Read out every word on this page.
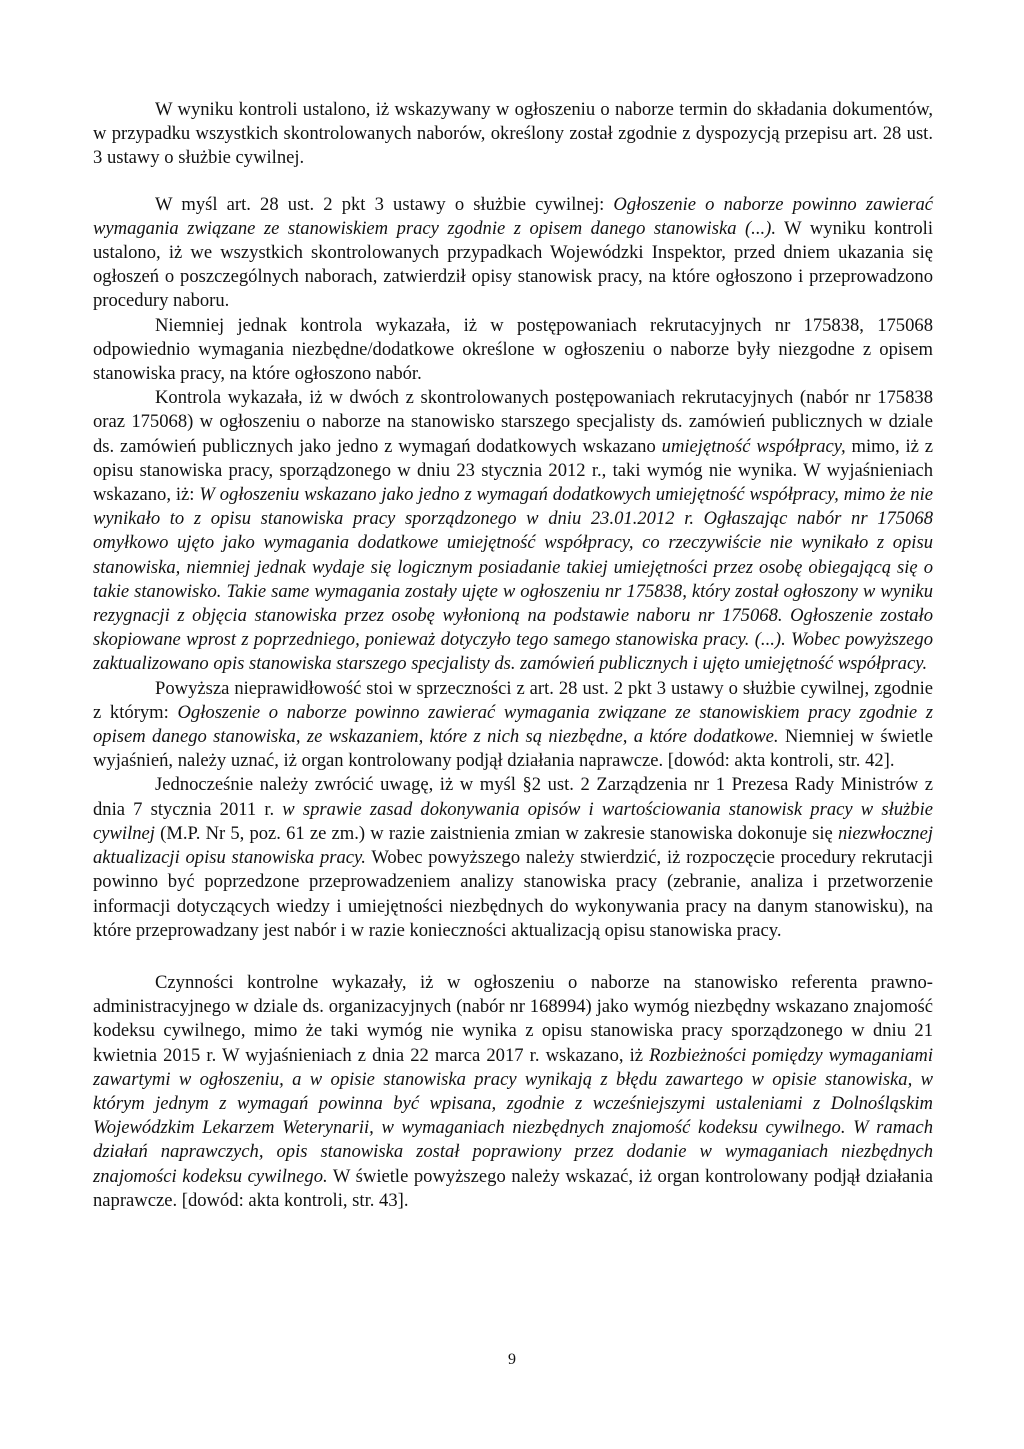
W wyniku kontroli ustalono, iż wskazywany w ogłoszeniu o naborze termin do składania dokumentów, w przypadku wszystkich skontrolowanych naborów, określony został zgodnie z dyspozycją przepisu art. 28 ust. 3 ustawy o służbie cywilnej.

W myśl art. 28 ust. 2 pkt 3 ustawy o służbie cywilnej: Ogłoszenie o naborze powinno zawierać wymagania związane ze stanowiskiem pracy zgodnie z opisem danego stanowiska (...). W wyniku kontroli ustalono, iż we wszystkich skontrolowanych przypadkach Wojewódzki Inspektor, przed dniem ukazania się ogłoszeń o poszczególnych naborach, zatwierdził opisy stanowisk pracy, na które ogłoszono i przeprowadzono procedury naboru.

Niemniej jednak kontrola wykazała, iż w postępowaniach rekrutacyjnych nr 175838, 175068 odpowiednio wymagania niezbędne/dodatkowe określone w ogłoszeniu o naborze były niezgodne z opisem stanowiska pracy, na które ogłoszono nabór.

Kontrola wykazała, iż w dwóch z skontrolowanych postępowaniach rekrutacyjnych (nabór nr 175838 oraz 175068) w ogłoszeniu o naborze na stanowisko starszego specjalisty ds. zamówień publicznych w dziale ds. zamówień publicznych jako jedno z wymagań dodatkowych wskazano umiejętność współpracy, mimo, iż z opisu stanowiska pracy, sporządzonego w dniu 23 stycznia 2012 r., taki wymóg nie wynika. W wyjaśnieniach wskazano, iż: W ogłoszeniu wskazano jako jedno z wymagań dodatkowych umiejętność współpracy, mimo że nie wynikało to z opisu stanowiska pracy sporządzonego w dniu 23.01.2012 r. Ogłaszając nabór nr 175068 omyłkowo ujęto jako wymagania dodatkowe umiejętność współpracy, co rzeczywiście nie wynikało z opisu stanowiska, niemniej jednak wydaje się logicznym posiadanie takiej umiejętności przez osobę obiegającą się o takie stanowisko. Takie same wymagania zostały ujęte w ogłoszeniu nr 175838, który został ogłoszony w wyniku rezygnacji z objęcia stanowiska przez osobę wyłonioną na podstawie naboru nr 175068. Ogłoszenie zostało skopiowane wprost z poprzedniego, ponieważ dotyczyło tego samego stanowiska pracy. (...). Wobec powyższego zaktualizowano opis stanowiska starszego specjalisty ds. zamówień publicznych i ujęto umiejętność współpracy.

Powyższa nieprawidłowość stoi w sprzeczności z art. 28 ust. 2 pkt 3 ustawy o służbie cywilnej, zgodnie z którym: Ogłoszenie o naborze powinno zawierać wymagania związane ze stanowiskiem pracy zgodnie z opisem danego stanowiska, ze wskazaniem, które z nich są niezbędne, a które dodatkowe. Niemniej w świetle wyjaśnień, należy uznać, iż organ kontrolowany podjął działania naprawcze. [dowód: akta kontroli, str. 42].

Jednocześnie należy zwrócić uwagę, iż w myśl §2 ust. 2 Zarządzenia nr 1 Prezesa Rady Ministrów z dnia 7 stycznia 2011 r. w sprawie zasad dokonywania opisów i wartościowania stanowisk pracy w służbie cywilnej (M.P. Nr 5, poz. 61 ze zm.) w razie zaistnienia zmian w zakresie stanowiska dokonuje się niezwłocznej aktualizacji opisu stanowiska pracy. Wobec powyższego należy stwierdzić, iż rozpoczęcie procedury rekrutacji powinno być poprzedzone przeprowadzeniem analizy stanowiska pracy (zebranie, analiza i przetworzenie informacji dotyczących wiedzy i umiejętności niezbędnych do wykonywania pracy na danym stanowisku), na które przeprowadzany jest nabór i w razie konieczności aktualizacją opisu stanowiska pracy.

Czynności kontrolne wykazały, iż w ogłoszeniu o naborze na stanowisko referenta prawno-administracyjnego w dziale ds. organizacyjnych (nabór nr 168994) jako wymóg niezbędny wskazano znajomość kodeksu cywilnego, mimo że taki wymóg nie wynika z opisu stanowiska pracy sporządzonego w dniu 21 kwietnia 2015 r. W wyjaśnieniach z dnia 22 marca 2017 r. wskazano, iż Rozbieżności pomiędzy wymaganiami zawartymi w ogłoszeniu, a w opisie stanowiska pracy wynikają z błędu zawartego w opisie stanowiska, w którym jednym z wymagań powinna być wpisana, zgodnie z wcześniejszymi ustaleniami z Dolnośląskim Wojewódzkim Lekarzem Weterynarii, w wymaganiach niezbędnych znajomość kodeksu cywilnego. W ramach działań naprawczych, opis stanowiska został poprawiony przez dodanie w wymaganiach niezbędnych znajomości kodeksu cywilnego. W świetle powyższego należy wskazać, iż organ kontrolowany podjął działania naprawcze. [dowód: akta kontroli, str. 43].

9
